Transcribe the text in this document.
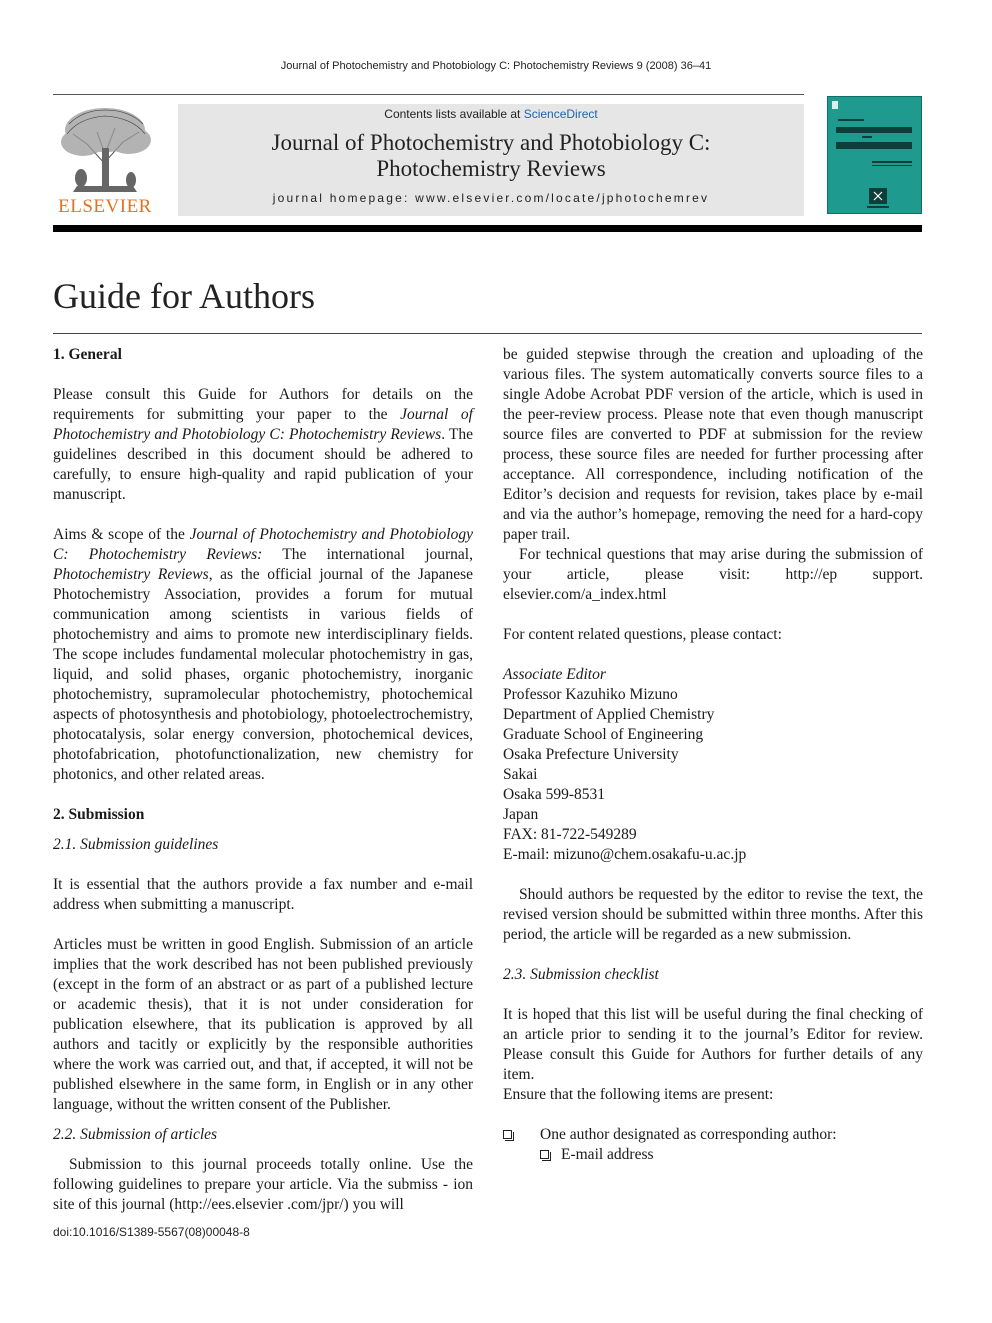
Journal of Photochemistry and Photobiology C: Photochemistry Reviews 9 (2008) 36–41
ELSEVIER
Contents lists available at ScienceDirect
Journal of Photochemistry and Photobiology C:
Photochemistry Reviews
journal homepage: www.elsevier.com/locate/jphotochemrev
Guide for Authors
1. General

Please consult this Guide for Authors for details on the requirements for submitting your paper to the Journal of Photochemistry and Photobiology C: Photochemistry Reviews. The guidelines described in this document should be adhered to carefully, to ensure high-quality and rapid publication of your manuscript.

Aims & scope of the Journal of Photochemistry and Photobiology C: Photochemistry Reviews: The international journal, Photochemistry Reviews, as the official journal of the Japanese Photochemistry Association, provides a forum for mutual communication among scientists in various fields of photochemistry and aims to promote new interdisciplinary fields. The scope includes fundamental molecular photochemistry in gas, liquid, and solid phases, organic photochemistry, inorganic photochemistry, supramolecular photochemistry, photochemical aspects of photosynthesis and photobiology, photoelectrochemistry, photocatalysis, solar energy conversion, photochemical devices, photofabrication, photofunctionalization, new chemistry for photonics, and other related areas.

2. Submission
2.1. Submission guidelines

It is essential that the authors provide a fax number and e-mail address when submitting a manuscript.

Articles must be written in good English. Submission of an article implies that the work described has not been published previously (except in the form of an abstract or as part of a published lecture or academic thesis), that it is not under consideration for publication elsewhere, that its publication is approved by all authors and tacitly or explicitly by the responsible authorities where the work was carried out, and that, if accepted, it will not be published elsewhere in the same form, in English or in any other language, without the written consent of the Publisher.

2.2. Submission of articles

Submission to this journal proceeds totally online. Use the following guidelines to prepare your article. Via the submiss - ion site of this journal (http://ees.elsevier .com/jpr/) you will

be guided stepwise through the creation and uploading of the various files. The system automatically converts source files to a single Adobe Acrobat PDF version of the article, which is used in the peer-review process. Please note that even though manuscript source files are converted to PDF at submission for the review process, these source files are needed for further processing after acceptance. All correspondence, including notification of the Editor’s decision and requests for revision, takes place by e-mail and via the author’s homepage, removing the need for a hard-copy paper trail.

For technical questions that may arise during the submission of your article, please visit: http://ep support. elsevier.com/a_index.html

For content related questions, please contact:

Associate Editor

Professor Kazuhiko Mizuno

Department of Applied Chemistry

Graduate School of Engineering

Osaka Prefecture University

Sakai

Osaka 599-8531

Japan

FAX: 81-722-549289

E-mail: mizuno@chem.osakafu-u.ac.jp

Should authors be requested by the editor to revise the text, the revised version should be submitted within three months. After this period, the article will be regarded as a new submission.

2.3. Submission checklist

It is hoped that this list will be useful during the final checking of an article prior to sending it to the journal’s Editor for review. Please consult this Guide for Authors for further details of any item.

Ensure that the following items are present:

One author designated as corresponding author:
E-mail address
doi:10.1016/S1389-5567(08)00048-8
